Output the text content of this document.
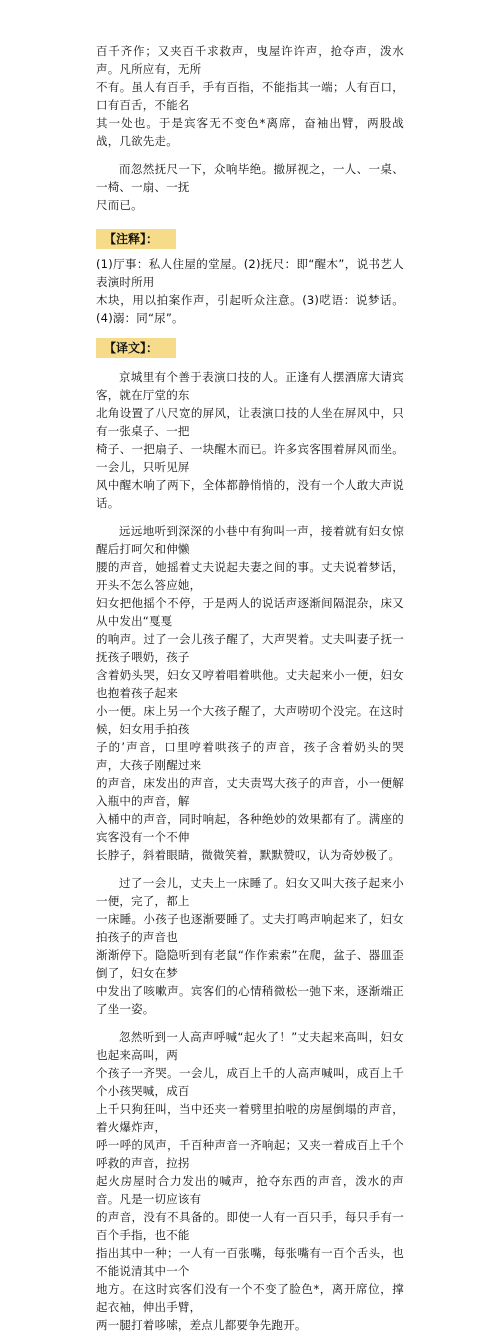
百千齐作；又夹百千求救声，曳屋许许声，抢夺声，泼水声。凡所应有，无所

不有。虽人有百手，手有百指，不能指其一端；人有百口，口有百舌，不能名

其一处也。于是宾客无不变色*离席，奋袖出臂，两股战战，几欲先走。

而忽然抚尺一下，众响毕绝。撤屏视之，一人、一桌、一椅、一扇、一抚

尺而已。

【注释】：

(1)厅事：私人住屋的堂屋。(2)抚尺：即“醒木”，说书艺人表演时所用

木块，用以拍案作声，引起听众注意。(3)呓语：说梦话。(4)溺：同“尿”。

【译文】：

京城里有个善于表演口技的人。正逢有人摆酒席大请宾客，就在厅堂的东

北角设置了八尺宽的屏风，让表演口技的人坐在屏风中，只有一张桌子、一把

椅子、一把扇子、一块醒木而已。许多宾客围着屏风而坐。一会儿，只听见屏

风中醒木响了两下，全体都静悄悄的，没有一个人敢大声说话。

远远地听到深深的小巷中有狗叫一声，接着就有妇女惊醒后打呵欠和伸懒

腰的声音，她摇着丈夫说起夫妻之间的事。丈夫说着梦话，开头不怎么答应她，

妇女把他摇个不停，于是两人的说话声逐渐间隔混杂，床又从中发出“戛戛

的响声。过了一会儿孩子醒了，大声哭着。丈夫叫妻子抚一抚孩子喂奶，孩子

含着奶头哭，妇女又哼着唱着哄他。丈夫起来小一便，妇女也抱着孩子起来

小一便。床上另一个大孩子醒了，大声唠叨个没完。在这时候，妇女用手拍孩

子的’声音，口里哼着哄孩子的声音，孩子含着奶头的哭声，大孩子刚醒过来

的声音，床发出的声音，丈夫责骂大孩子的声音，小一便解入瓶中的声音，解

入桶中的声音，同时响起，各种绝妙的效果都有了。满座的宾客没有一个不伸

长脖子，斜着眼睛，微微笑着，默默赞叹，认为奇妙极了。

过了一会儿，丈夫上一床睡了。妇女又叫大孩子起来小一便，完了，都上

一床睡。小孩子也逐渐要睡了。丈夫打鸣声响起来了，妇女拍孩子的声音也

渐渐停下。隐隐听到有老鼠“作作索索”在爬，盆子、器皿歪倒了，妇女在梦

中发出了咳嗽声。宾客们的心情稍微松一弛下来，逐渐端正了坐一姿。

忽然听到一人高声呼喊“起火了！”丈夫起来高叫，妇女也起来高叫，两

个孩子一齐哭。一会儿，成百上千的人高声喊叫，成百上千个小孩哭喊，成百

上千只狗狂叫，当中还夹一着劈里拍啦的房屋倒塌的声音，着火爆炸声，

呼一呼的风声，千百种声音一齐响起；又夹一着成百上千个呼救的声音，拉拐

起火房屋时合力发出的喊声，抢夺东西的声音，泼水的声音。凡是一切应该有

的声音，没有不具备的。即使一人有一百只手，每只手有一百个手指，也不能

指出其中一种；一人有一百张嘴，每张嘴有一百个舌头，也不能说清其中一个

地方。在这时宾客们没有一个不变了脸色*，离开席位，撑起衣袖，伸出手臂，

两一腿打着哆嗦，差点儿都要争先跑开。
